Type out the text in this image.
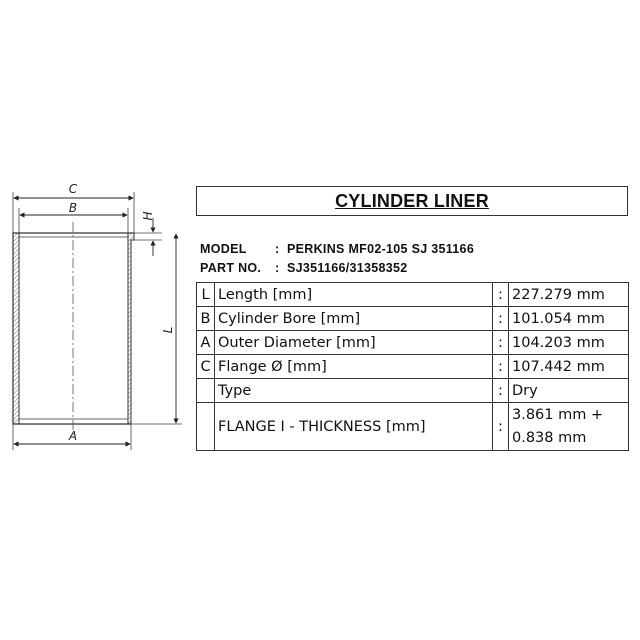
C
B
H
L
A
CYLINDER LINER
MODEL : PERKINS MF02-105 SJ 351166
PART NO. : SJ351166/31358352
L	Length [mm]	:	227.279 mm
B	Cylinder Bore [mm]	:	101.054 mm
A	Outer Diameter [mm]	:	104.203 mm
C	Flange Ø [mm]	:	107.442 mm
	Type	:	Dry
	FLANGE I - THICKNESS [mm]	:	3.861 mm +
0.838 mm
